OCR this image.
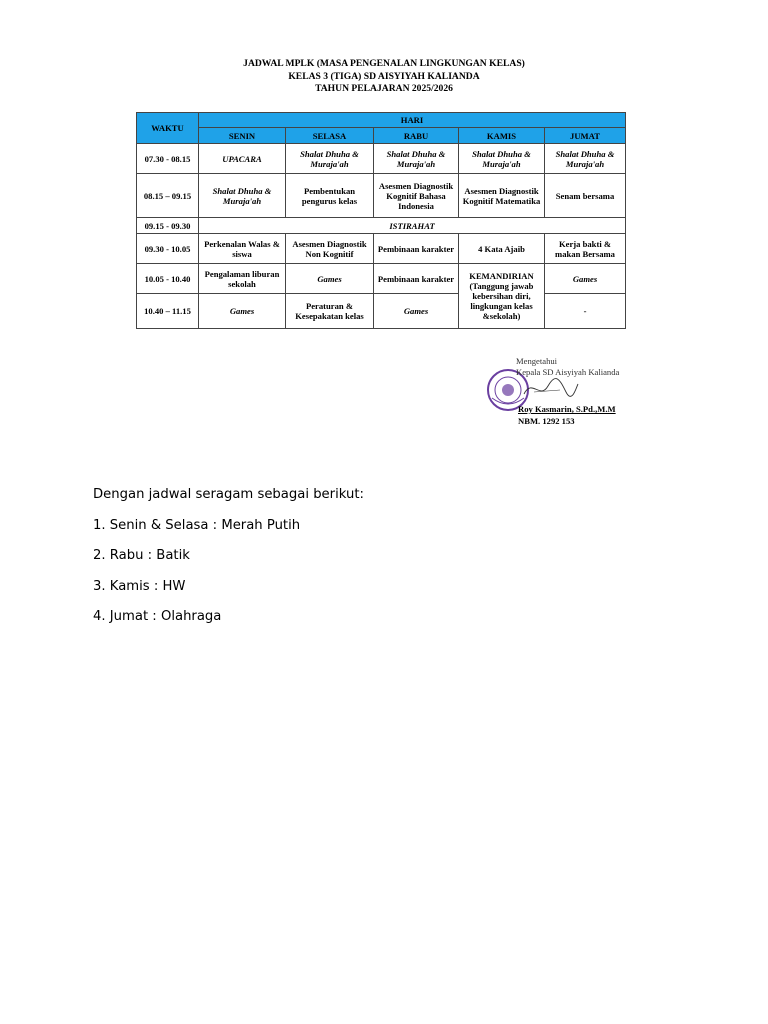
JADWAL MPLK (MASA PENGENALAN LINGKUNGAN KELAS)
KELAS 3 (TIGA) SD AISYIYAH KALIANDA
TAHUN PELAJARAN 2025/2026
WAKTU	HARI				
	SENIN	SELASA	RABU	KAMIS	JUMAT
07.30 - 08.15	UPACARA	Shalat Dhuha & Muraja'ah	Shalat Dhuha & Muraja'ah	Shalat Dhuha & Muraja'ah	Shalat Dhuha & Muraja'ah
08.15 – 09.15	Shalat Dhuha & Muraja'ah	Pembentukan pengurus kelas	Asesmen Diagnostik Kognitif Bahasa Indonesia	Asesmen Diagnostik Kognitif Matematika	Senam bersama
09.15 - 09.30	ISTIRAHAT				
09.30 - 10.05	Perkenalan Walas & siswa	Asesmen Diagnostik Non Kognitif	Pembinaan karakter	4 Kata Ajaib	Kerja bakti & makan Bersama
10.05 - 10.40	Pengalaman liburan sekolah	Games	Pembinaan karakter	KEMANDIRIAN (Tanggung jawab kebersihan diri, lingkungan kelas &sekolah)	Games
10.40 – 11.15	Games	Peraturan & Kesepakatan kelas	Games		-
Mengetahui
Kepala SD Aisyiyah Kalianda
Roy Kasmarin, S.Pd.,M.M
NBM. 1292 153

Dengan jadwal seragam sebagai berikut:

1. Senin & Selasa : Merah Putih

2. Rabu : Batik

3. Kamis : HW

4. Jumat : Olahraga
